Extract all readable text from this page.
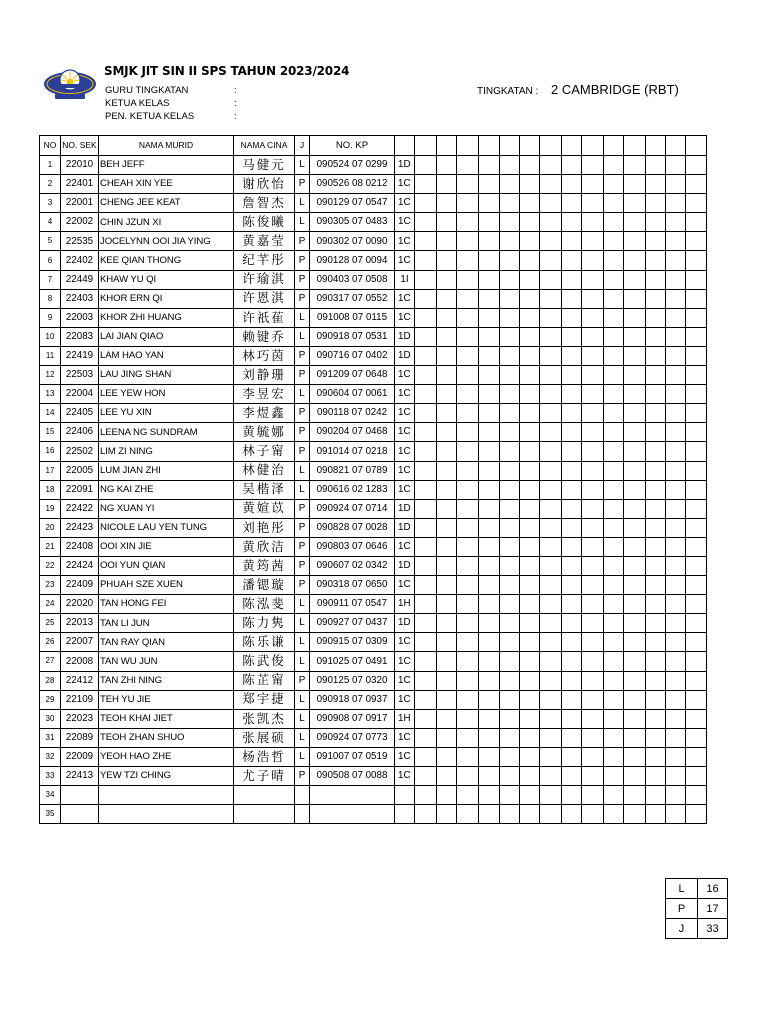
SMJK JIT SIN II SPS TAHUN 2023/2024
GURU TINGKATAN	:
KETUA KELAS	:
PEN. KETUA KELAS	:
TINGKATAN : 2 CAMBRIDGE (RBT)
NO	NO. SEK	NAMA MURID	NAMA CINA	J	NO. KP															
1	22010	BEH JEFF	马健元	L	090524 07 0299	1D														
2	22401	CHEAH XIN YEE	谢欣怡	P	090526 08 0212	1C														
3	22001	CHENG JEE KEAT	詹智杰	L	090129 07 0547	1C														
4	22002	CHIN JZUN XI	陈俊曦	L	090305 07 0483	1C														
5	22535	JOCELYNN OOI JIA YING	黄嘉莹	P	090302 07 0090	1C														
6	22402	KEE QIAN THONG	纪芊彤	P	090128 07 0094	1C														
7	22449	KHAW YU QI	许瑜淇	P	090403 07 0508	1I														
8	22403	KHOR ERN QI	许恩淇	P	090317 07 0552	1C														
9	22003	KHOR ZHI HUANG	许祇萑	L	091008 07 0115	1C														
10	22083	LAI JIAN QIAO	赖键乔	L	090918 07 0531	1D														
11	22419	LAM HAO YAN	林巧茵	P	090716 07 0402	1D														
12	22503	LAU JING SHAN	刘静珊	P	091209 07 0648	1C														
13	22004	LEE YEW HON	李昱宏	L	090604 07 0061	1C														
14	22405	LEE YU XIN	李煜鑫	P	090118 07 0242	1C														
15	22406	LEENA NG SUNDRAM	黄毓娜	P	090204 07 0468	1C														
16	22502	LIM ZI NING	林子甯	P	091014 07 0218	1C														
17	22005	LUM JIAN ZHI	林健治	L	090821 07 0789	1C														
18	22091	NG KAI ZHE	吴楷泽	L	090616 02 1283	1C														
19	22422	NG XUAN YI	黄媗苡	P	090924 07 0714	1D														
20	22423	NICOLE LAU YEN TUNG	刘艳彤	P	090828 07 0028	1D														
21	22408	OOI XIN JIE	黄欣洁	P	090803 07 0646	1C														
22	22424	OOI YUN QIAN	黄筠茜	P	090607 02 0342	1D														
23	22409	PHUAH SZE XUEN	潘锶璇	P	090318 07 0650	1C														
24	22020	TAN HONG FEI	陈泓斐	L	090911 07 0547	1H														
25	22013	TAN LI JUN	陈力隽	L	090927 07 0437	1D														
26	22007	TAN RAY QIAN	陈乐谦	L	090915 07 0309	1C														
27	22008	TAN WU JUN	陈武俊	L	091025 07 0491	1C														
28	22412	TAN ZHI NING	陈芷甯	P	090125 07 0320	1C														
29	22109	TEH YU JIE	郑宇捷	L	090918 07 0937	1C														
30	22023	TEOH KHAI JIET	张凯杰	L	090908 07 0917	1H														
31	22089	TEOH ZHAN SHUO	张展硕	L	090924 07 0773	1C														
32	22009	YEOH HAO ZHE	杨浩哲	L	091007 07 0519	1C														
33	22413	YEW TZI CHING	尤子晴	P	090508 07 0088	1C														
34																				
35																				
L	16
P	17
J	33
